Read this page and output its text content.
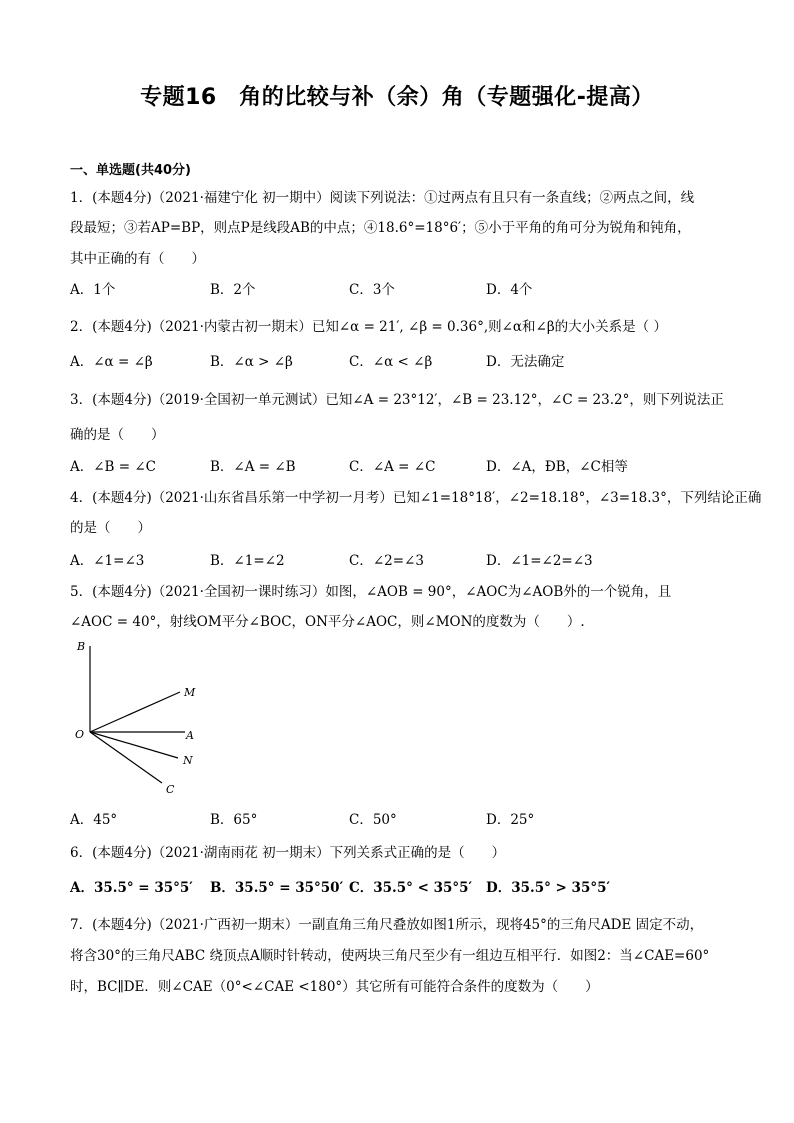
专题16　角的比较与补（余）角（专题强化-提高）
一、单选题(共40分)
1．(本题4分)（2021·福建宁化 初一期中）阅读下列说法：①过两点有且只有一条直线；②两点之间，线
段最短；③若AP=BP，则点P是线段AB的中点；④18.6°=18°6′；⑤小于平角的角可分为锐角和钝角，
其中正确的有（　　）
A．1个	B．2个	C．3个	D．4个
2．(本题4分)（2021·内蒙古初一期末）已知∠α = 21′, ∠β = 0.36°,则∠α和∠β的大小关系是（ ）
A．∠α = ∠β	B．∠α > ∠β	C．∠α < ∠β	D．无法确定
3．(本题4分)（2019·全国初一单元测试）已知∠A = 23°12′，∠B = 23.12°，∠C = 23.2°，则下列说法正
确的是（　　）
A．∠B = ∠C	B．∠A = ∠B	C．∠A = ∠C	D．∠A，ÐB，∠C相等
4．(本题4分)（2021·山东省昌乐第一中学初一月考）已知∠1=18°18′，∠2=18.18°，∠3=18.3°，下列结论正确
的是（　　）
A．∠1=∠3	B．∠1=∠2	C．∠2=∠3	D．∠1=∠2=∠3
5．(本题4分)（2021·全国初一课时练习）如图，∠AOB = 90°，∠AOC为∠AOB外的一个锐角，且
∠AOC = 40°，射线OM平分∠BOC，ON平分∠AOC，则∠MON的度数为（　　）.
B
M
O	A
N
C
A．45°	B．65°	C．50°	D．25°
6．(本题4分)（2021·湖南雨花 初一期末）下列关系式正确的是（　　）
A．35.5° = 35°5′ B．35.5° = 35°50′ C．35.5° < 35°5′ D．35.5° > 35°5′
7．(本题4分)（2021·广西初一期末）一副直角三角尺叠放如图1所示，现将45°的三角尺ADE 固定不动，
将含30°的三角尺ABC 绕顶点A顺时针转动，使两块三角尺至少有一组边互相平行．如图2：当∠CAE=60°
时，BC∥DE．则∠CAE（0°<∠CAE <180°）其它所有可能符合条件的度数为（　　）
